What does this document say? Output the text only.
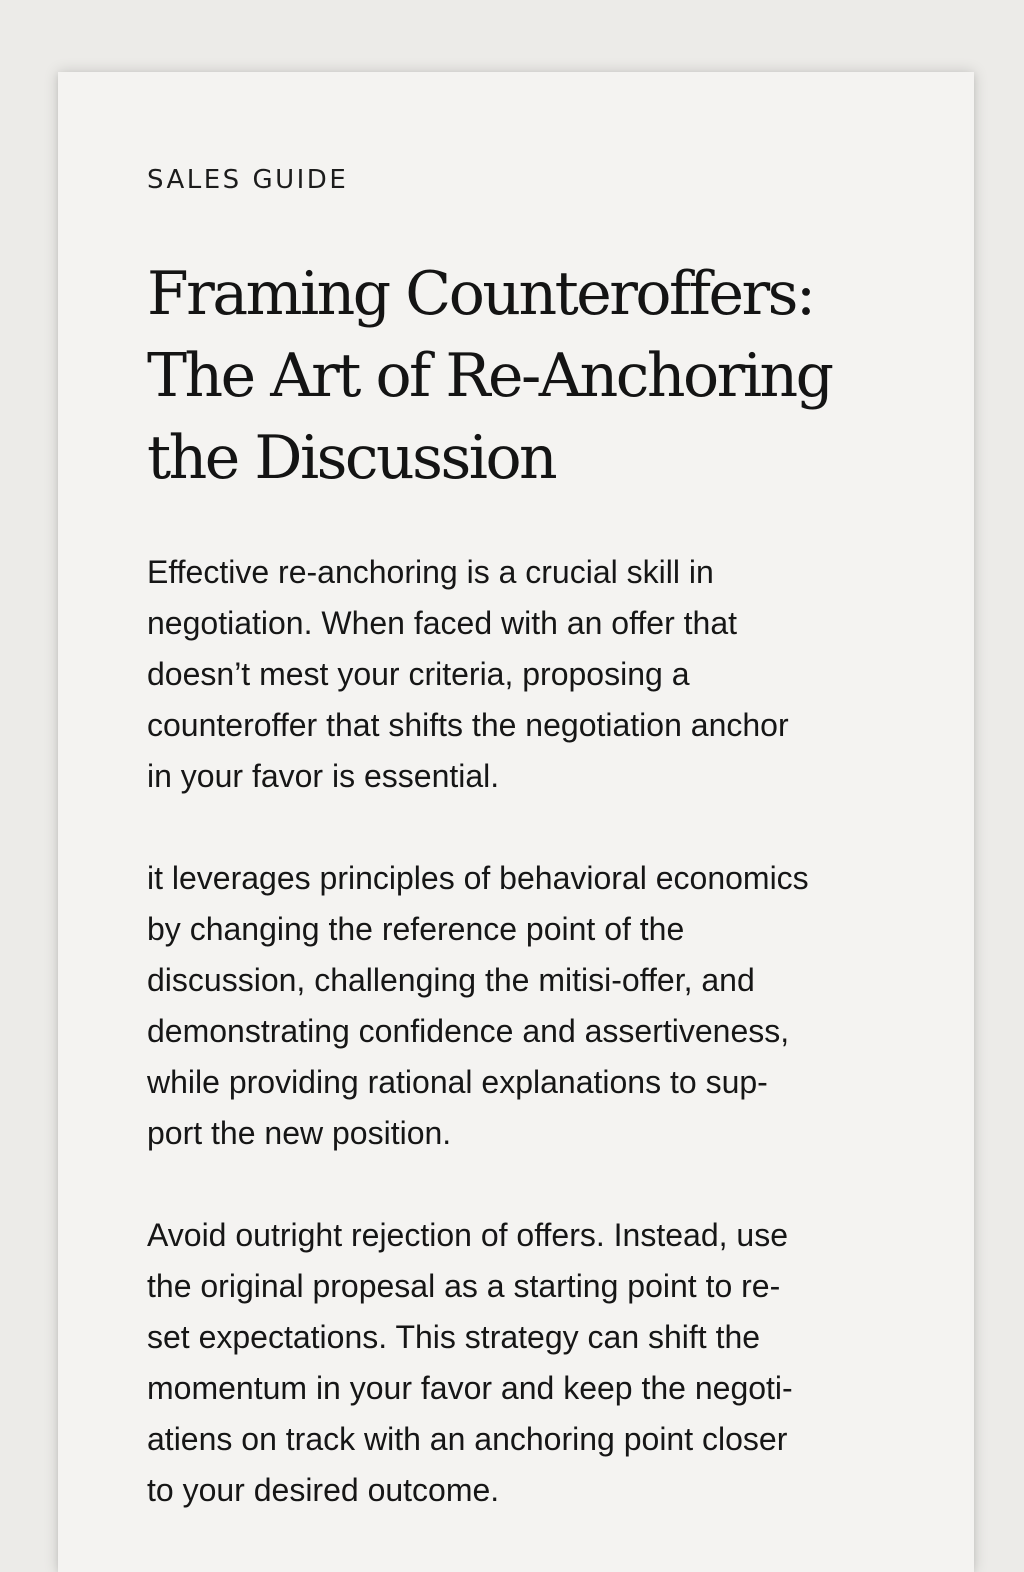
SALES GUIDE
Framing Counteroffers:
The Art of Re-Anchoring
the Discussion

Effective re-anchoring is a crucial skill in
negotiation. When faced with an offer that
doesn’t mest your criteria, proposing a
counteroffer that shifts the negotiation anchor
in your favor is essential.

it leverages principles of behavioral economics
by changing the reference point of the
discussion, challenging the mitisi-offer, and
demonstrating confidence and assertiveness,
while providing rational explanations to sup-
port the new position.

Avoid outright rejection of offers. Instead, use
the original propesal as a starting point to re-
set expectations. This strategy can shift the
momentum in your favor and keep the negoti-
atiens on track with an anchoring point closer
to your desired outcome.
